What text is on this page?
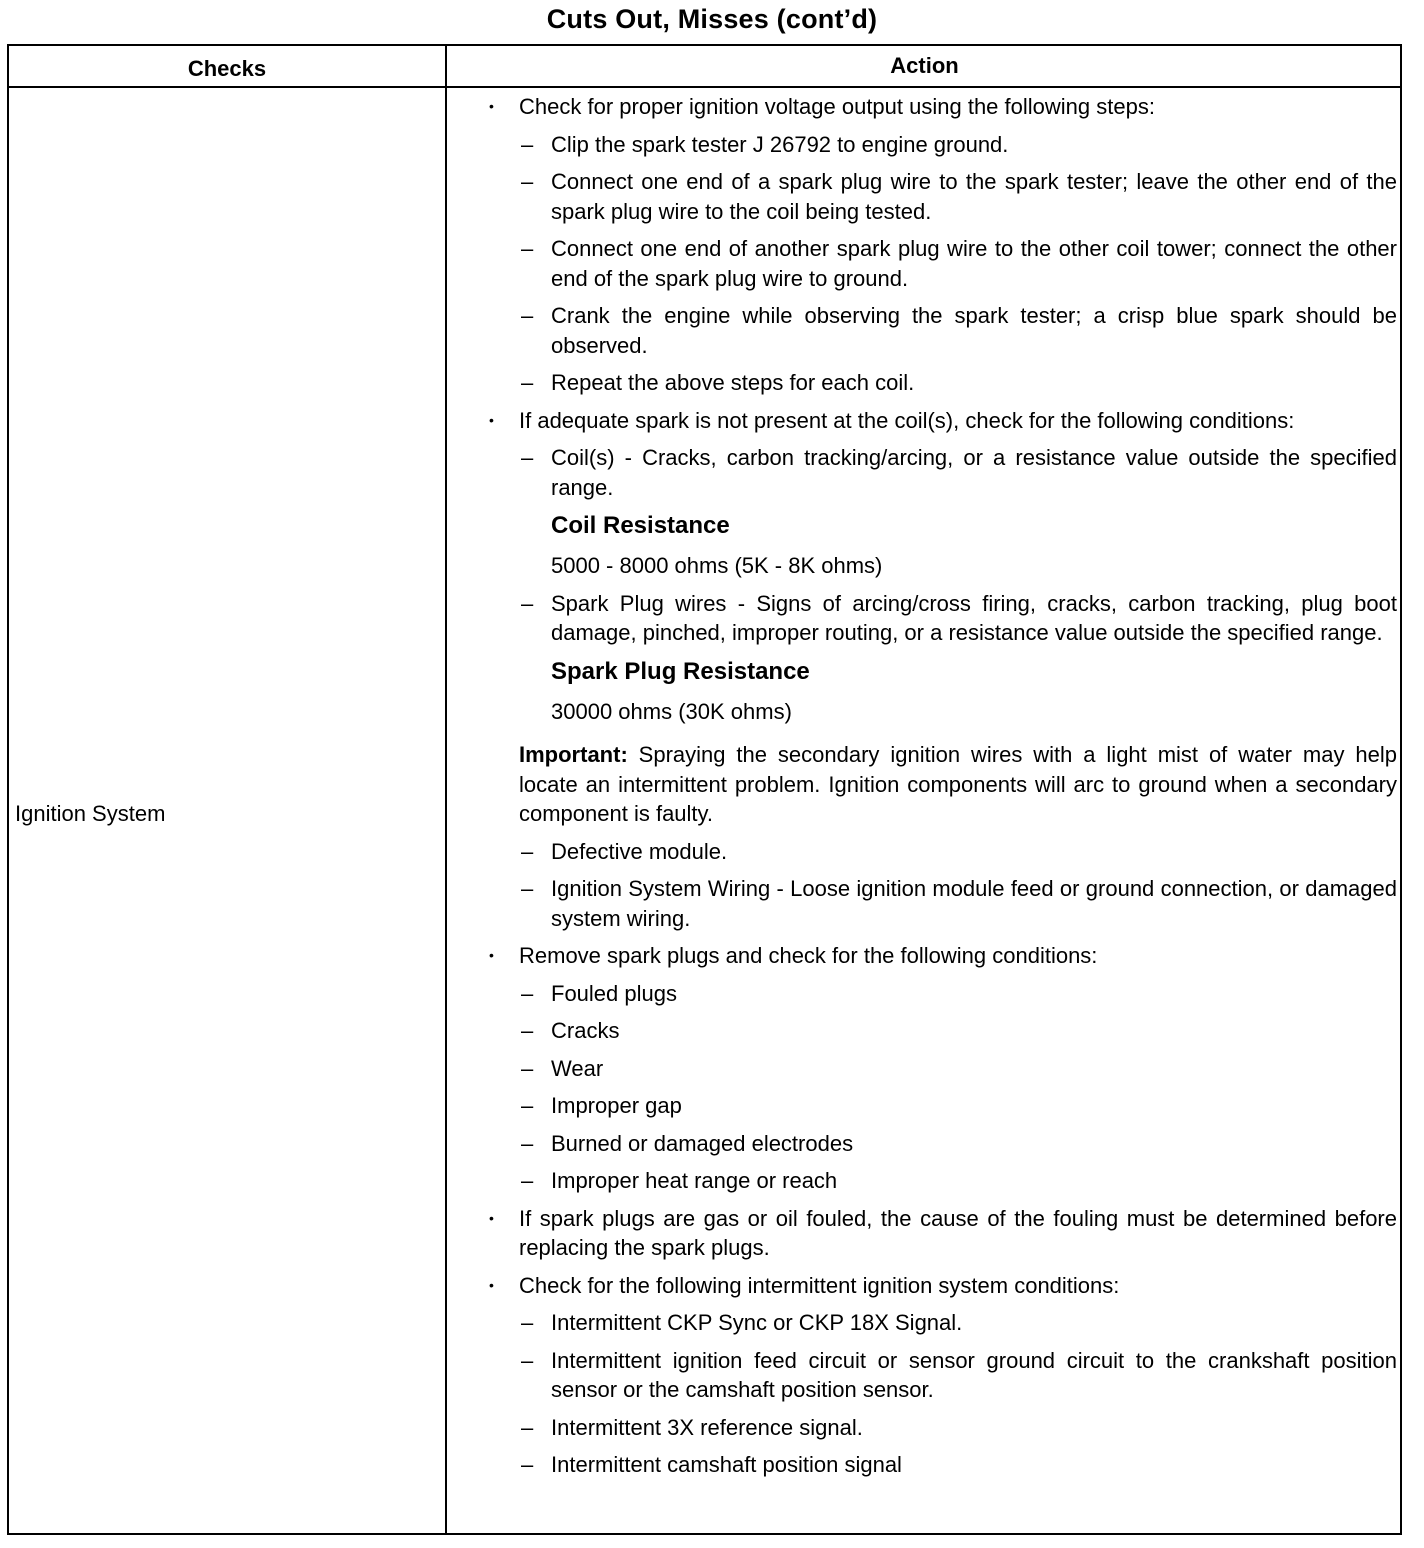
Cuts Out, Misses (cont’d)
Checks	Action
Ignition System
• Check for proper ignition voltage output using the following steps:
– Clip the spark tester J 26792 to engine ground.
– Connect one end of a spark plug wire to the spark tester; leave the other end of the spark plug wire to the coil being tested.
– Connect one end of another spark plug wire to the other coil tower; connect the other end of the spark plug wire to ground.
– Crank the engine while observing the spark tester; a crisp blue spark should be observed.
– Repeat the above steps for each coil.
• If adequate spark is not present at the coil(s), check for the following conditions:
– Coil(s) - Cracks, carbon tracking/arcing, or a resistance value outside the specified range.
Coil Resistance
5000 - 8000 ohms (5K - 8K ohms)
– Spark Plug wires - Signs of arcing/cross firing, cracks, carbon tracking, plug boot damage, pinched, improper routing, or a resistance value outside the specified range.
Spark Plug Resistance
30000 ohms (30K ohms)
Important: Spraying the secondary ignition wires with a light mist of water may help locate an intermittent problem. Ignition components will arc to ground when a secondary component is faulty.
– Defective module.
– Ignition System Wiring - Loose ignition module feed or ground connection, or damaged system wiring.
• Remove spark plugs and check for the following conditions:
– Fouled plugs
– Cracks
– Wear
– Improper gap
– Burned or damaged electrodes
– Improper heat range or reach
• If spark plugs are gas or oil fouled, the cause of the fouling must be determined before replacing the spark plugs.
• Check for the following intermittent ignition system conditions:
– Intermittent CKP Sync or CKP 18X Signal.
– Intermittent ignition feed circuit or sensor ground circuit to the crankshaft position sensor or the camshaft position sensor.
– Intermittent 3X reference signal.
– Intermittent camshaft position signal
